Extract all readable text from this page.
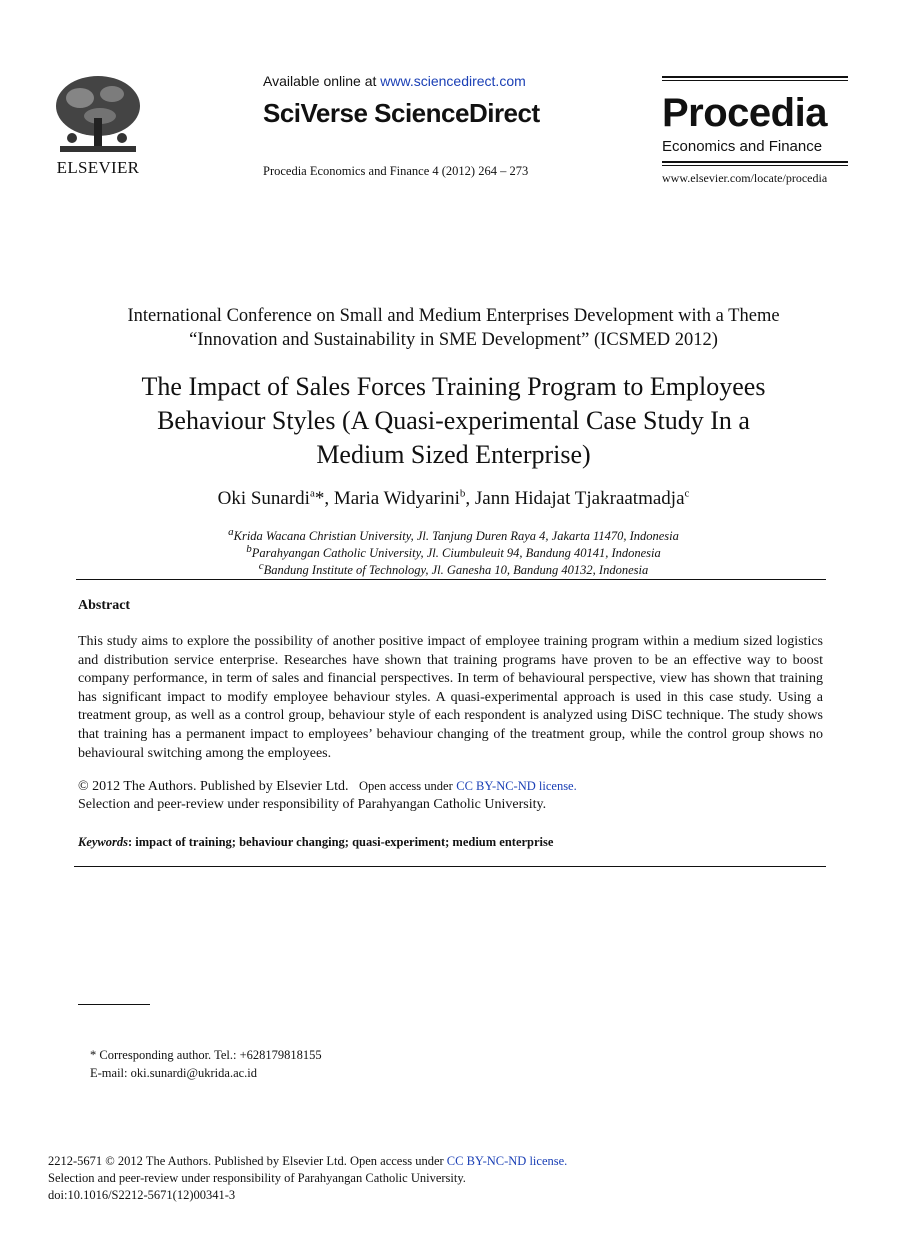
ELSEVIER
Available online at www.sciencedirect.com
SciVerse ScienceDirect
Procedia Economics and Finance 4 (2012) 264 – 273
Procedia
Economics and Finance
www.elsevier.com/locate/procedia
International Conference on Small and Medium Enterprises Development with a Theme
“Innovation and Sustainability in SME Development” (ICSMED 2012)
The Impact of Sales Forces Training Program to Employees
Behaviour Styles (A Quasi-experimental Case Study In a
Medium Sized Enterprise)
Oki Sunardi$^a$*, Maria Widyarini$^b$, Jann Hidajat Tjakraatmadja$^c$
$^a$Krida Wacana Christian University, Jl. Tanjung Duren Raya 4, Jakarta 11470, Indonesia
$^b$Parahyangan Catholic University, Jl. Ciumbuleuit 94, Bandung 40141, Indonesia
$^c$Bandung Institute of Technology, Jl. Ganesha 10, Bandung 40132, Indonesia
Abstract
This study aims to explore the possibility of another positive impact of employee training program within a medium sized logistics and distribution service enterprise. Researches have shown that training programs have proven to be an effective way to boost company performance, in term of sales and financial perspectives. In term of behavioural perspective, view has shown that training has significant impact to modify employee behaviour styles. A quasi-experimental approach is used in this case study. Using a treatment group, as well as a control group, behaviour style of each respondent is analyzed using DiSC technique. The study shows that training has a permanent impact to employees’ behaviour changing of the treatment group, while the control group shows no behavioural switching among the employees.
© 2012 The Authors. Published by Elsevier Ltd. Open access under CC BY-NC-ND license.
Selection and peer-review under responsibility of Parahyangan Catholic University.
Keywords: impact of training; behaviour changing; quasi-experiment; medium enterprise
* Corresponding author. Tel.: +628179818155
E-mail: oki.sunardi@ukrida.ac.id
2212-5671 © 2012 The Authors. Published by Elsevier Ltd. Open access under CC BY-NC-ND license.
Selection and peer-review under responsibility of Parahyangan Catholic University.
doi:10.1016/S2212-5671(12)00341-3
